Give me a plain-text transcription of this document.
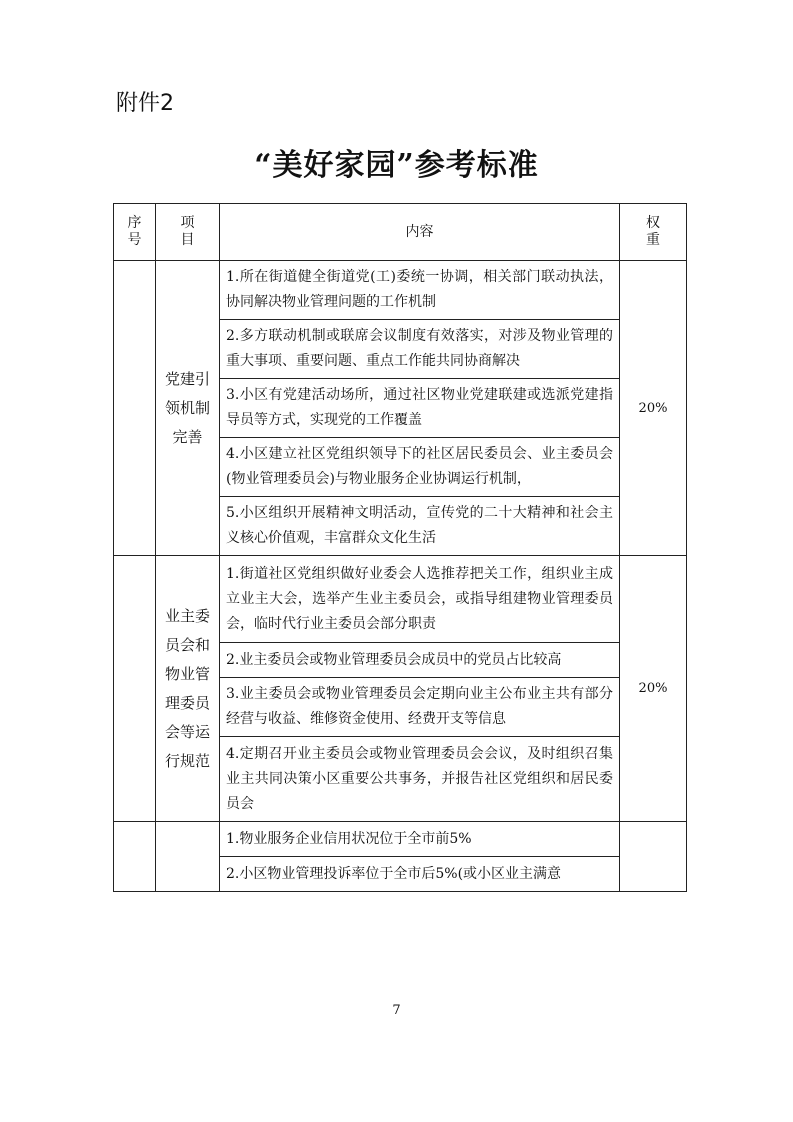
附件2
“美好家园”参考标准
序号	项目	内容	权重
	党建引领机制完善	1.所在街道健全街道党(工)委统一协调，相关部门联动执法，协同解决物业管理问题的工作机制	20%
		2.多方联动机制或联席会议制度有效落实，对涉及物业管理的重大事项、重要问题、重点工作能共同协商解决	
		3.小区有党建活动场所，通过社区物业党建联建或选派党建指导员等方式，实现党的工作覆盖	
		4.小区建立社区党组织领导下的社区居民委员会、业主委员会(物业管理委员会)与物业服务企业协调运行机制，	
		5.小区组织开展精神文明活动，宣传党的二十大精神和社会主义核心价值观，丰富群众文化生活	
	业主委员会和物业管理委员会等运行规范	1.街道社区党组织做好业委会人选推荐把关工作，组织业主成立业主大会，选举产生业主委员会，或指导组建物业管理委员会，临时代行业主委员会部分职责	20%
		2.业主委员会或物业管理委员会成员中的党员占比较高	
		3.业主委员会或物业管理委员会定期向业主公布业主共有部分经营与收益、维修资金使用、经费开支等信息	
		4.定期召开业主委员会或物业管理委员会会议，及时组织召集业主共同决策小区重要公共事务，并报告社区党组织和居民委员会	
		1.物业服务企业信用状况位于全市前5%	
		2.小区物业管理投诉率位于全市后5%(或小区业主满意	
7
